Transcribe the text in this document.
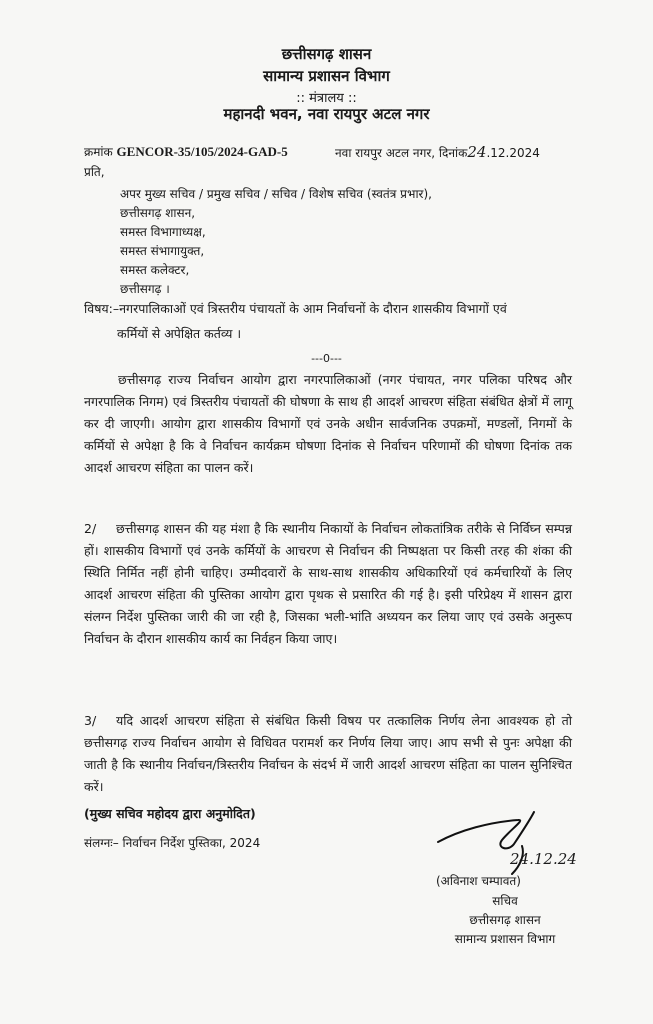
छत्तीसगढ़ शासन
सामान्य प्रशासन विभाग
:: मंत्रालय ::
महानदी भवन, नवा रायपुर अटल नगर
क्रमांक GENCOR-35/105/2024-GAD-5	नवा रायपुर अटल नगर, दिनांक24.12.2024
प्रति,
अपर मुख्य सचिव / प्रमुख सचिव / सचिव / विशेष सचिव (स्वतंत्र प्रभार),
छत्तीसगढ़ शासन,
समस्त विभागाध्यक्ष,
समस्त संभागायुक्त,
समस्त कलेक्टर,
छत्तीसगढ़ ।
विषय:–नगरपालिकाओं एवं त्रिस्तरीय पंचायतों के आम निर्वाचनों के दौरान शासकीय विभागों एवं
कर्मियों से अपेक्षित कर्तव्य ।
---0---
छत्तीसगढ़ राज्य निर्वाचन आयोग द्वारा नगरपालिकाओं (नगर पंचायत, नगर पलिका परिषद और नगरपालिक निगम) एवं त्रिस्तरीय पंचायतों की घोषणा के साथ ही आदर्श आचरण संहिता संबंधित क्षेत्रों में लागू कर दी जाएगी। आयोग द्वारा शासकीय विभागों एवं उनके अधीन सार्वजनिक उपक्रमों, मण्डलों, निगमों के कर्मियों से अपेक्षा है कि वे निर्वाचन कार्यक्रम घोषणा दिनांक से निर्वाचन परिणामों की घोषणा दिनांक तक आदर्श आचरण संहिता का पालन करें।
2/ छत्तीसगढ़ शासन की यह मंशा है कि स्थानीय निकायों के निर्वाचन लोकतांत्रिक तरीके से निर्विघ्न सम्पन्न हों। शासकीय विभागों एवं उनके कर्मियों के आचरण से निर्वाचन की निष्पक्षता पर किसी तरह की शंका की स्थिति निर्मित नहीं होनी चाहिए। उम्मीदवारों के साथ-साथ शासकीय अधिकारियों एवं कर्मचारियों के लिए आदर्श आचरण संहिता की पुस्तिका आयोग द्वारा पृथक से प्रसारित की गई है। इसी परिप्रेक्ष्य में शासन द्वारा संलग्न निर्देश पुस्तिका जारी की जा रही है, जिसका भली-भांति अध्ययन कर लिया जाए एवं उसके अनुरूप निर्वाचन के दौरान शासकीय कार्य का निर्वहन किया जाए।
3/ यदि आदर्श आचरण संहिता से संबंधित किसी विषय पर तत्कालिक निर्णय लेना आवश्यक हो तो छत्तीसगढ़ राज्य निर्वाचन आयोग से विधिवत परामर्श कर निर्णय लिया जाए। आप सभी से पुनः अपेक्षा की जाती है कि स्थानीय निर्वाचन/त्रिस्तरीय निर्वाचन के संदर्भ में जारी आदर्श आचरण संहिता का पालन सुनिश्चित करें।
(मुख्य सचिव महोदय द्वारा अनुमोदित)
संलग्नः– निर्वाचन निर्देश पुस्तिका, 2024
24.12.24
(अविनाश चम्पावत)
सचिव
छत्तीसगढ़ शासन
सामान्य प्रशासन विभाग
